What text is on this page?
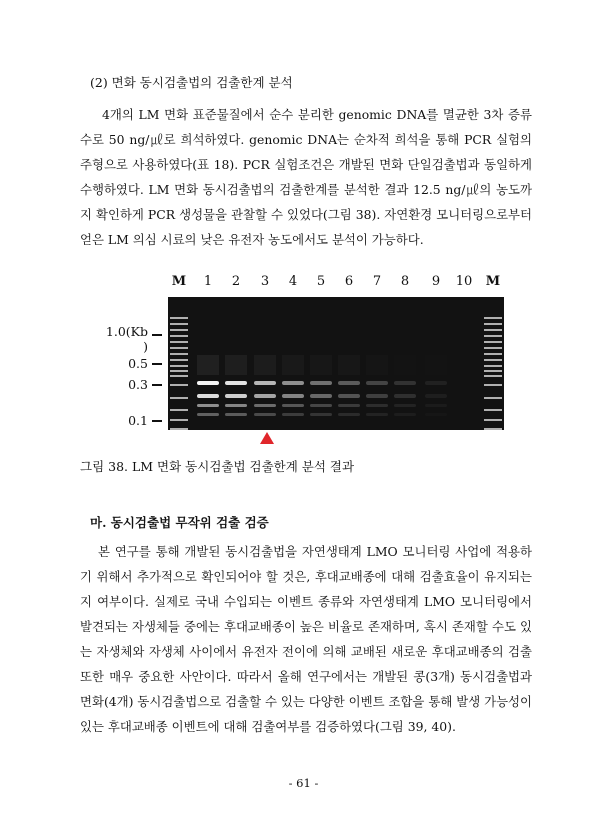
(2) 면화 동시검출법의 검출한계 분석

4개의 LM 면화 표준물질에서 순수 분리한 genomic DNA를 멸균한 3차 증류수로 50 ng/㎕로 희석하였다. genomic DNA는 순차적 희석을 통해 PCR 실험의 주형으로 사용하였다(표 18). PCR 실험조건은 개발된 면화 단일검출법과 동일하게 수행하였다. LM 면화 동시검출법의 검출한계를 분석한 결과 12.5 ng/㎕의 농도까지 확인하게 PCR 생성물을 관찰할 수 있었다(그림 38). 자연환경 모니터링으로부터 얻은 LM 의심 시료의 낮은 유전자 농도에서도 분석이 가능하다.

M	1	2	3	4	5	6	7	8	9	10	M
1.0(Kb
)
0.5
0.3
0.1
그림 38. LM 면화 동시검출법 검출한계 분석 결과
마. 동시검출법 무작위 검출 검증

본 연구를 통해 개발된 동시검출법을 자연생태계 LMO 모니터링 사업에 적용하기 위해서 추가적으로 확인되어야 할 것은, 후대교배종에 대해 검출효율이 유지되는 지 여부이다. 실제로 국내 수입되는 이벤트 종류와 자연생태계 LMO 모니터링에서 발견되는 자생체들 중에는 후대교배종이 높은 비율로 존재하며, 혹시 존재할 수도 있는 자생체와 자생체 사이에서 유전자 전이에 의해 교배된 새로운 후대교배종의 검출 또한 매우 중요한 사안이다. 따라서 올해 연구에서는 개발된 콩(3개) 동시검출법과 면화(4개) 동시검출법으로 검출할 수 있는 다양한 이벤트 조합을 통해 발생 가능성이 있는 후대교배종 이벤트에 대해 검출여부를 검증하였다(그림 39, 40).

- 61 -
